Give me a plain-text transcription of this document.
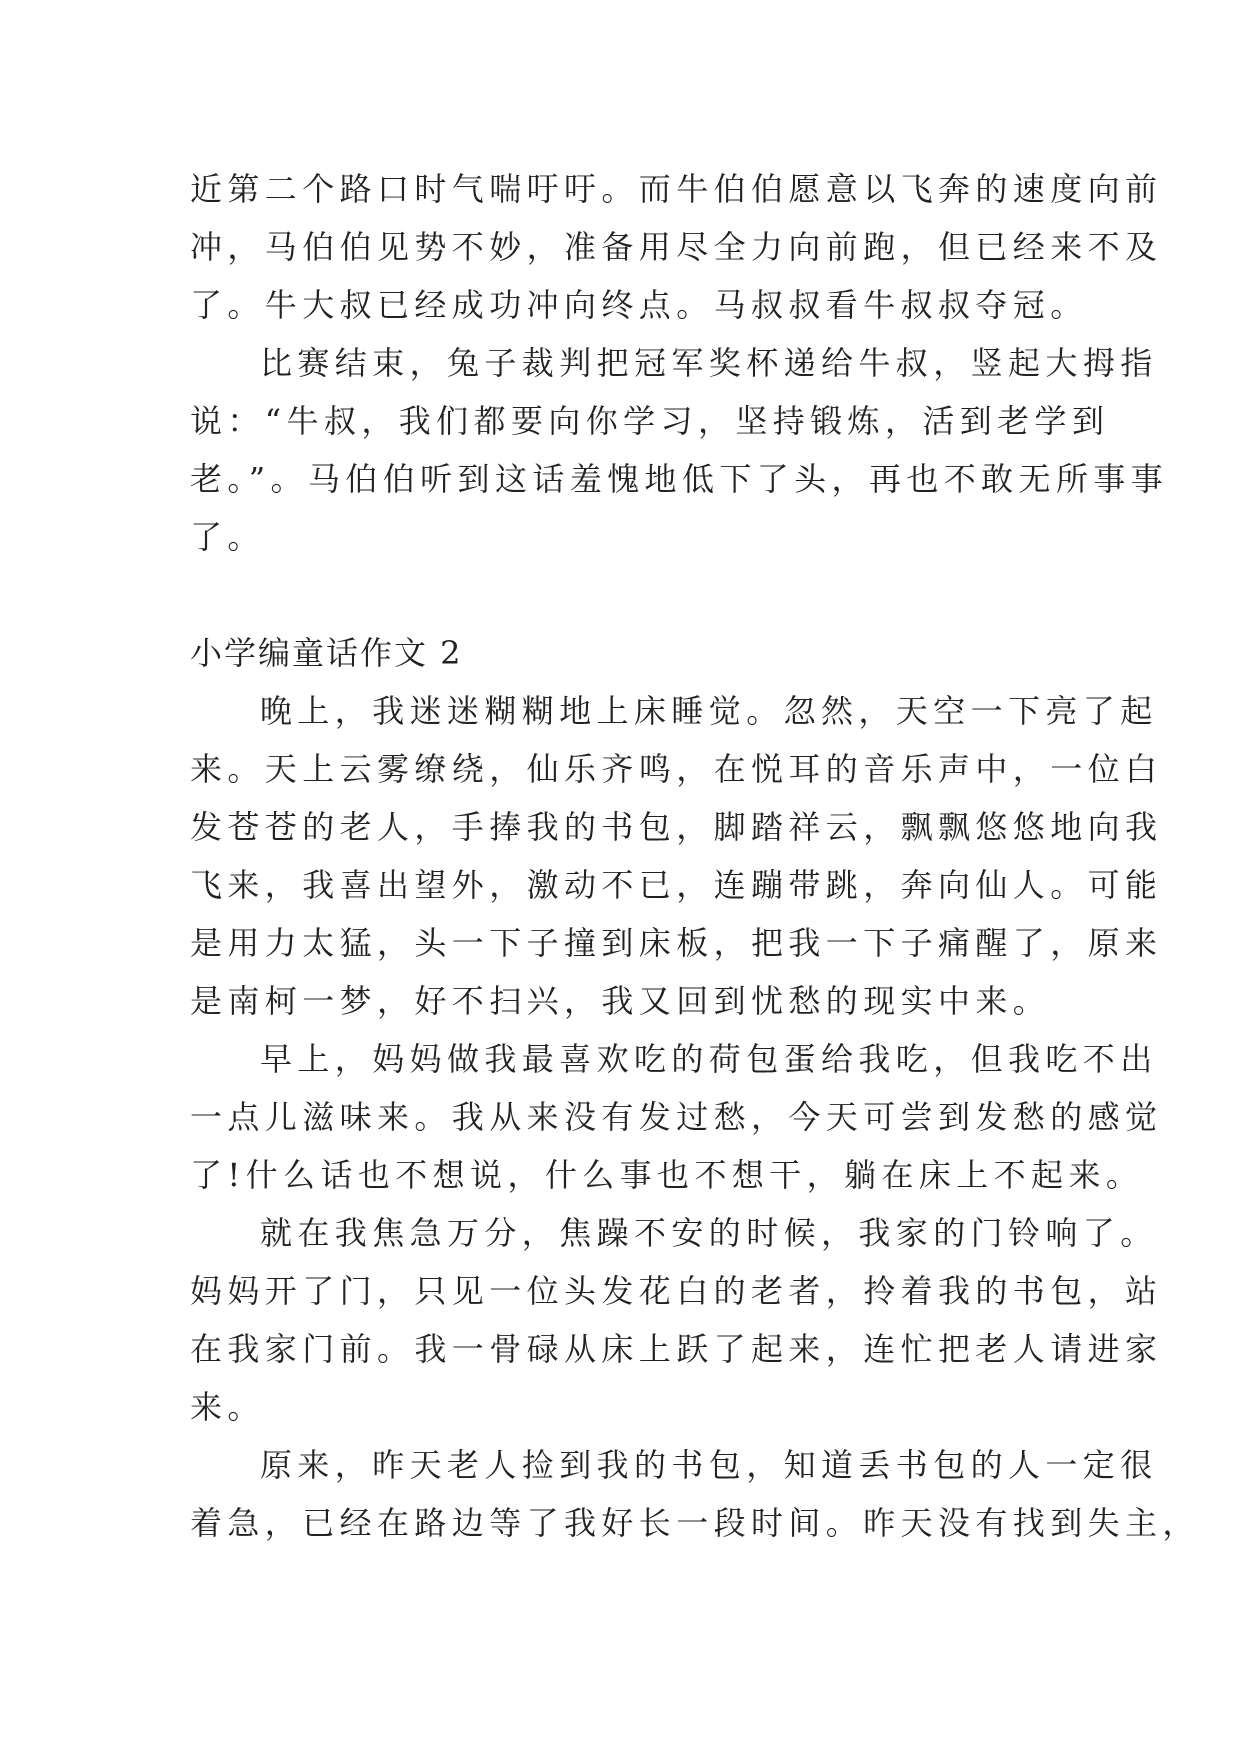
近第二个路口时气喘吁吁。而牛伯伯愿意以飞奔的速度向前
冲，马伯伯见势不妙，准备用尽全力向前跑，但已经来不及
了。牛大叔已经成功冲向终点。马叔叔看牛叔叔夺冠。
比赛结束，兔子裁判把冠军奖杯递给牛叔，竖起大拇指
说：“牛叔，我们都要向你学习，坚持锻炼，活到老学到
老。”。马伯伯听到这话羞愧地低下了头，再也不敢无所事事
了。
小学编童话作文 2
晚上，我迷迷糊糊地上床睡觉。忽然，天空一下亮了起
来。天上云雾缭绕，仙乐齐鸣，在悦耳的音乐声中，一位白
发苍苍的老人，手捧我的书包，脚踏祥云，飘飘悠悠地向我
飞来，我喜出望外，激动不已，连蹦带跳，奔向仙人。可能
是用力太猛，头一下子撞到床板，把我一下子痛醒了，原来
是南柯一梦，好不扫兴，我又回到忧愁的现实中来。
早上，妈妈做我最喜欢吃的荷包蛋给我吃，但我吃不出
一点儿滋味来。我从来没有发过愁，今天可尝到发愁的感觉
了!什么话也不想说，什么事也不想干，躺在床上不起来。
就在我焦急万分，焦躁不安的时候，我家的门铃响了。
妈妈开了门，只见一位头发花白的老者，拎着我的书包，站
在我家门前。我一骨碌从床上跃了起来，连忙把老人请进家
来。
原来，昨天老人捡到我的书包，知道丢书包的人一定很
着急，已经在路边等了我好长一段时间。昨天没有找到失主，
